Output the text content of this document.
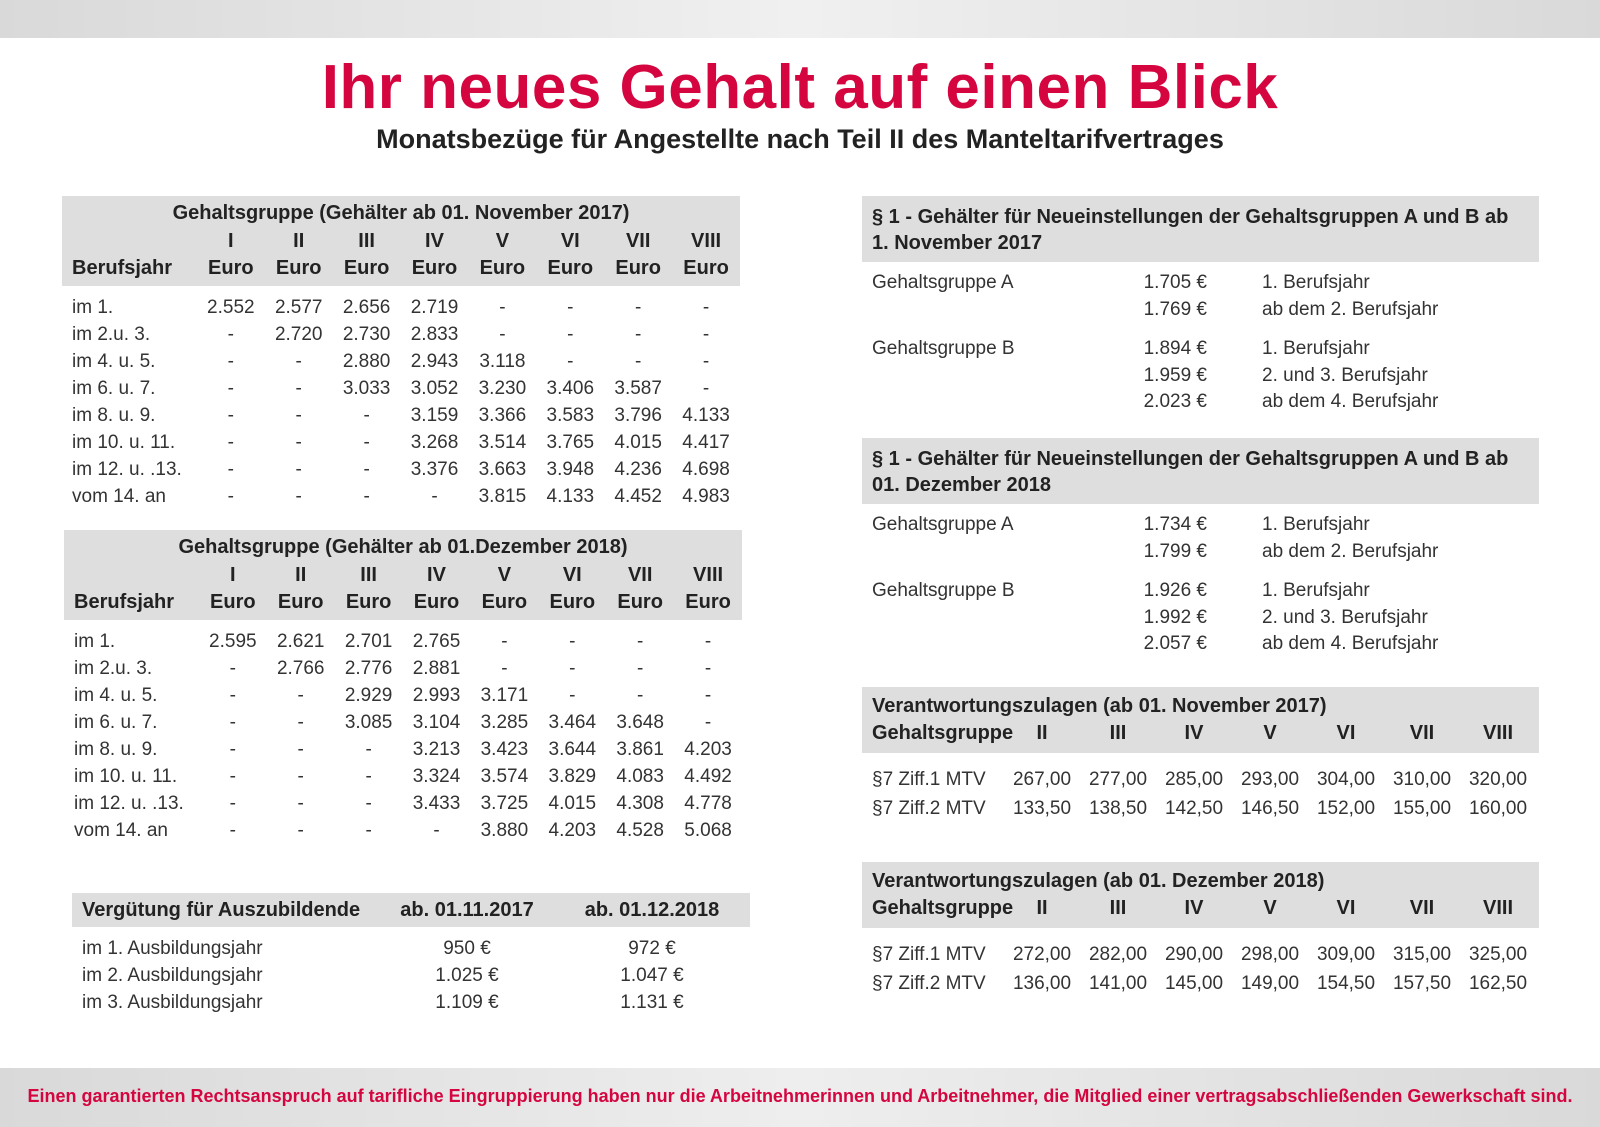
Ihr neues Gehalt auf einen Blick
Monatsbezüge für Angestellte nach Teil II des Manteltarifvertrages
Gehaltsgruppe (Gehälter ab 01. November 2017)
I	II	III	IV	V	VI	VII	VIII
Berufsjahr	Euro	Euro	Euro	Euro	Euro	Euro	Euro	Euro
im 1.	2.552	2.577	2.656	2.719	-	-	-	-
im 2.u. 3.	-	2.720	2.730	2.833	-	-	-	-
im 4. u. 5.	-	-	2.880	2.943	3.118	-	-	-
im 6. u. 7.	-	-	3.033	3.052	3.230	3.406	3.587	-
im 8. u. 9.	-	-	-	3.159	3.366	3.583	3.796	4.133
im 10. u. 11.	-	-	-	3.268	3.514	3.765	4.015	4.417
im 12. u. .13.	-	-	-	3.376	3.663	3.948	4.236	4.698
vom 14. an	-	-	-	-	3.815	4.133	4.452	4.983
Gehaltsgruppe (Gehälter ab 01.Dezember 2018)
I	II	III	IV	V	VI	VII	VIII
Berufsjahr	Euro	Euro	Euro	Euro	Euro	Euro	Euro	Euro
im 1.	2.595	2.621	2.701	2.765	-	-	-	-
im 2.u. 3.	-	2.766	2.776	2.881	-	-	-	-
im 4. u. 5.	-	-	2.929	2.993	3.171	-	-	-
im 6. u. 7.	-	-	3.085	3.104	3.285	3.464	3.648	-
im 8. u. 9.	-	-	-	3.213	3.423	3.644	3.861	4.203
im 10. u. 11.	-	-	-	3.324	3.574	3.829	4.083	4.492
im 12. u. .13.	-	-	-	3.433	3.725	4.015	4.308	4.778
vom 14. an	-	-	-	-	3.880	4.203	4.528	5.068
Vergütung für Auszubildende	ab. 01.11.2017	ab. 01.12.2018
im 1. Ausbildungsjahr	950 €	972 €
im 2. Ausbildungsjahr	1.025 €	1.047 €
im 3. Ausbildungsjahr	1.109 €	1.131 €
§ 1 - Gehälter für Neueinstellungen der Gehaltsgruppen A und B ab 1. November 2017
Gehaltsgruppe A	1.705 €	1. Berufsjahr
1.769 €	ab dem 2. Berufsjahr
Gehaltsgruppe B	1.894 €	1. Berufsjahr
1.959 €	2. und 3. Berufsjahr
2.023 €	ab dem 4. Berufsjahr
§ 1 - Gehälter für Neueinstellungen der Gehaltsgruppen A und B ab 01. Dezember 2018
Gehaltsgruppe A	1.734 €	1. Berufsjahr
1.799 €	ab dem 2. Berufsjahr
Gehaltsgruppe B	1.926 €	1. Berufsjahr
1.992 €	2. und 3. Berufsjahr
2.057 €	ab dem 4. Berufsjahr
Verantwortungszulagen (ab 01. November 2017)
Gehaltsgruppe	II	III	IV	V	VI	VII	VIII
§7 Ziff.1 MTV	267,00 277,00 285,00 293,00 304,00 310,00 320,00
§7 Ziff.2 MTV	133,50 138,50 142,50 146,50 152,00 155,00 160,00
Verantwortungszulagen (ab 01. Dezember 2018)
Gehaltsgruppe	II	III	IV	V	VI	VII	VIII
§7 Ziff.1 MTV	272,00 282,00 290,00 298,00 309,00 315,00 325,00
§7 Ziff.2 MTV	136,00 141,00 145,00 149,00 154,50 157,50 162,50
Einen garantierten Rechtsanspruch auf tarifliche Eingruppierung haben nur die Arbeitnehmerinnen und Arbeitnehmer, die Mitglied einer vertragsabschließenden Gewerkschaft sind.
